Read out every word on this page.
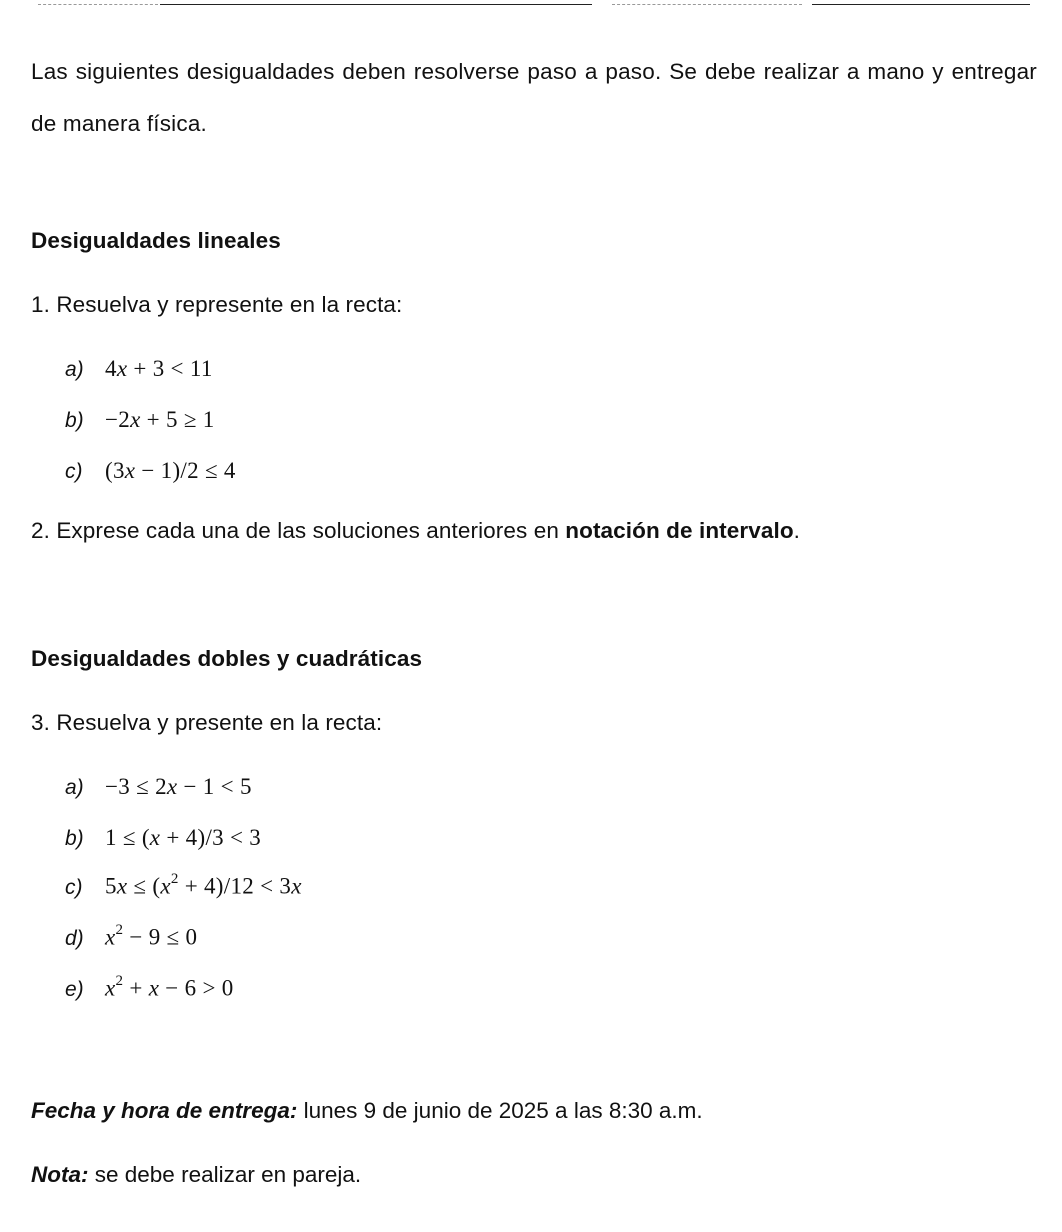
Las siguientes desigualdades deben resolverse paso a paso. Se debe realizar a mano y entregar de manera física.
Desigualdades lineales
1. Resuelva y represente en la recta:
a) 4x + 3 < 11
b) −2x + 5 ≥ 1
c) (3x − 1)/2 ≤ 4
2. Exprese cada una de las soluciones anteriores en notación de intervalo.
Desigualdades dobles y cuadráticas
3. Resuelva y presente en la recta:
a) −3 ≤ 2x − 1 < 5
b) 1 ≤ (x + 4)/3 < 3
c) $5x \le (x^2 + 4)/12 < 3x$
d) $x^2 - 9 \le 0$
e) $x^2 + x - 6 > 0$
Fecha y hora de entrega: lunes 9 de junio de 2025 a las 8:30 a.m.
Nota: se debe realizar en pareja.
